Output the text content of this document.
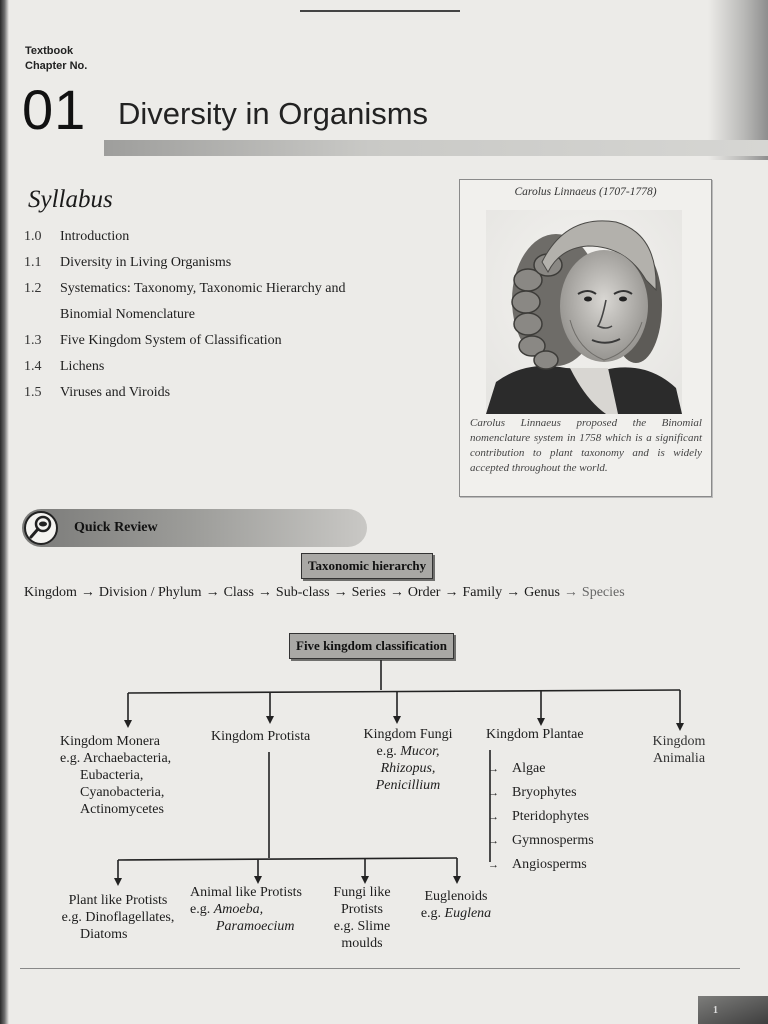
Textbook
Chapter No.
01 Diversity in Organisms
Syllabus
1.0	Introduction
1.1	Diversity in Living Organisms
1.2	Systematics: Taxonomy, Taxonomic Hierarchy and
Binomial Nomenclature
1.3	Five Kingdom System of Classification
1.4	Lichens
1.5	Viruses and Viroids
Carolus Linnaeus (1707-1778)
Carolus Linnaeus proposed the Binomial nomenclature system in 1758 which is a significant contribution to plant taxonomy and is widely accepted throughout the world.
Quick Review
Taxonomic hierarchy
Kingdom → Division / Phylum → Class → Sub-class → Series → Order → Family → Genus → Species
Five kingdom classification
Kingdom Monera
e.g. Archaebacteria,
Eubacteria,
Cyanobacteria,
Actinomycetes
Kingdom Protista	Kingdom Fungi
e.g. Mucor,
Rhizopus,
Penicillium
Kingdom Plantae
→ Algae
→ Bryophytes
→ Pteridophytes
→ Gymnosperms
→ Angiosperms
Kingdom
Animalia
Plant like Protists
e.g. Dinoflagellates,
Diatoms
Animal like Protists
e.g. Amoeba,
Paramoecium
Fungi like
Protists
e.g. Slime
moulds
Euglenoids
e.g. Euglena
1
